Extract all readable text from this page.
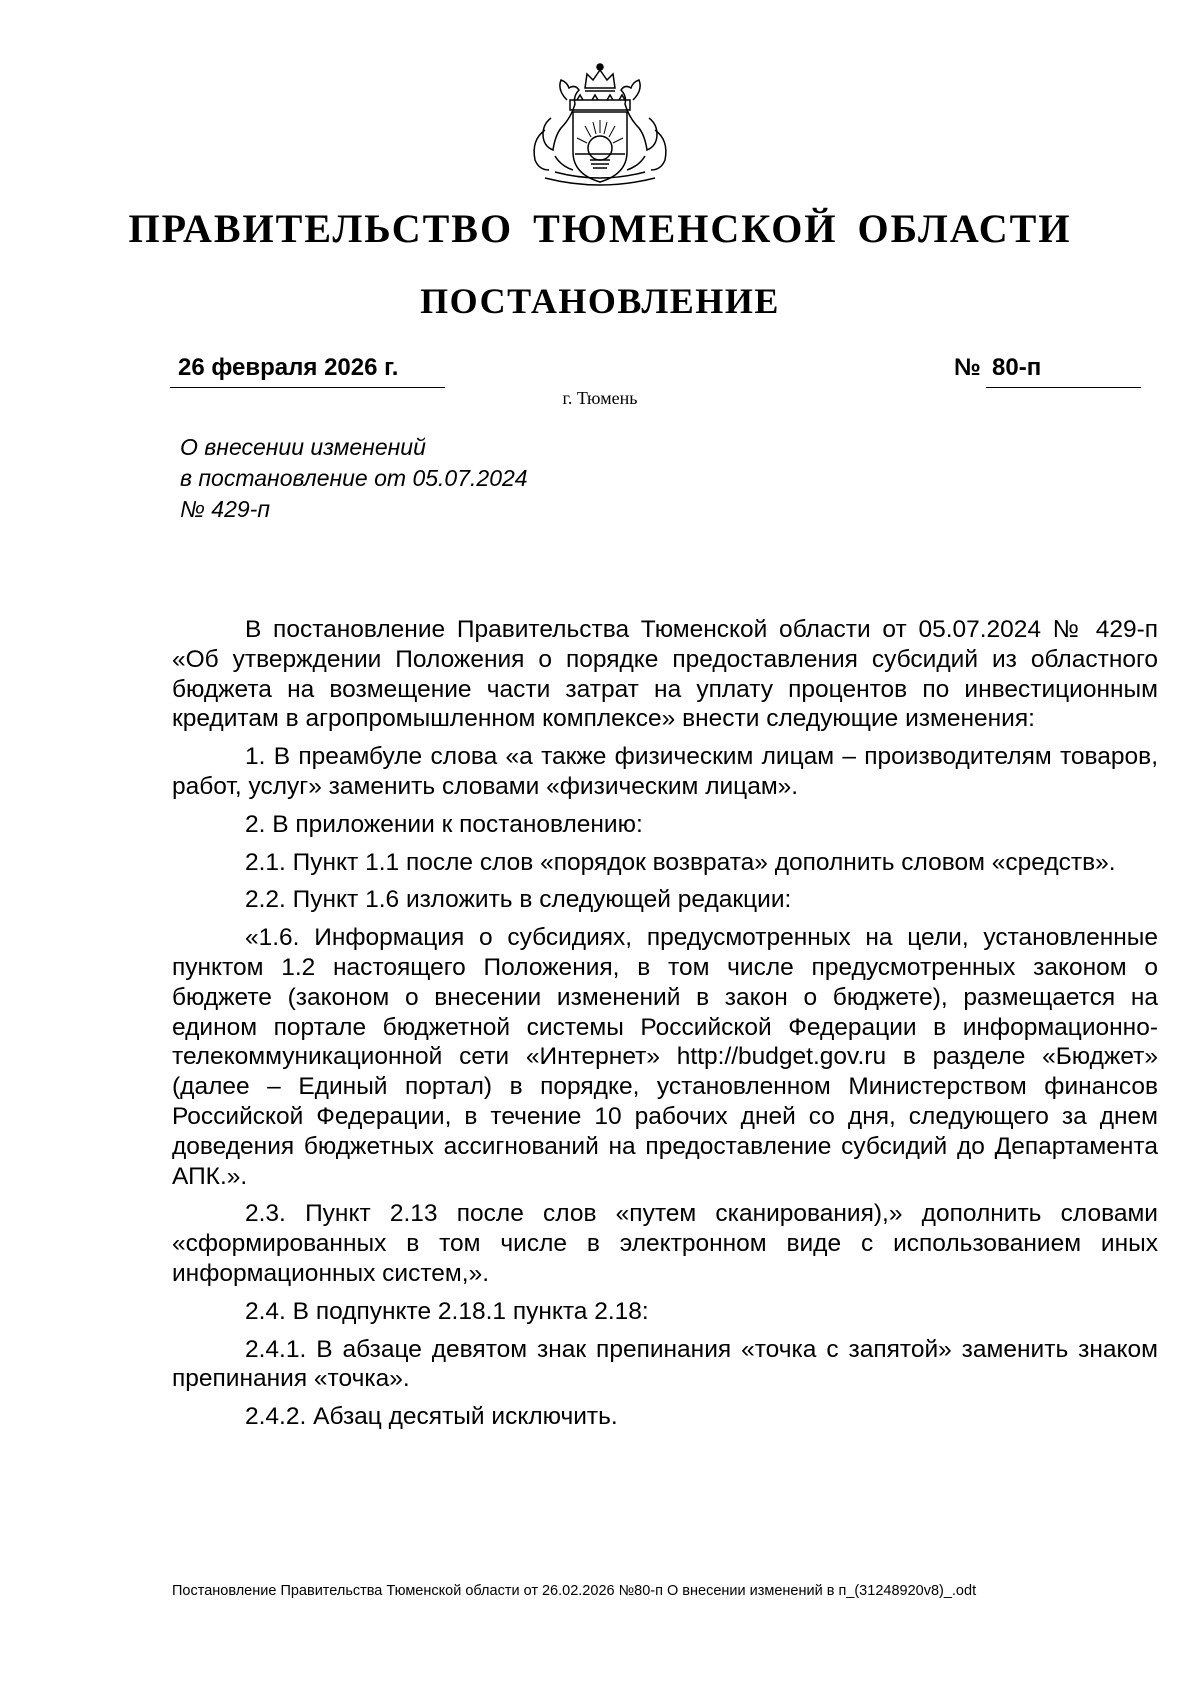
ПРАВИТЕЛЬСТВО ТЮМЕНСКОЙ ОБЛАСТИ
ПОСТАНОВЛЕНИЕ
26 февраля 2026 г.	№ 80-п
г. Тюмень
О внесении изменений
в постановление от 05.07.2024
№ 429-п

В постановление Правительства Тюменской области от 05.07.2024 № 429-п «Об утверждении Положения о порядке предоставления субсидий из областного бюджета на возмещение части затрат на уплату процентов по инвестиционным кредитам в агропромышленном комплексе» внести следующие изменения:

1. В преамбуле слова «а также физическим лицам – производителям товаров, работ, услуг» заменить словами «физическим лицам».

2. В приложении к постановлению:

2.1. Пункт 1.1 после слов «порядок возврата» дополнить словом «средств».

2.2. Пункт 1.6 изложить в следующей редакции:

«1.6. Информация о субсидиях, предусмотренных на цели, установленные пунктом 1.2 настоящего Положения, в том числе предусмотренных законом о бюджете (законом о внесении изменений в закон о бюджете), размещается на едином портале бюджетной системы Российской Федерации в информационно-телекоммуникационной сети «Интернет» http://budget.gov.ru в разделе «Бюджет» (далее – Единый портал) в порядке, установленном Министерством финансов Российской Федерации, в течение 10 рабочих дней со дня, следующего за днем доведения бюджетных ассигнований на предоставление субсидий до Департамента АПК.».

2.3. Пункт 2.13 после слов «путем сканирования),» дополнить словами «сформированных в том числе в электронном виде с использованием иных информационных систем,».

2.4. В подпункте 2.18.1 пункта 2.18:

2.4.1. В абзаце девятом знак препинания «точка с запятой» заменить знаком препинания «точка».

2.4.2. Абзац десятый исключить.

Постановление Правительства Тюменской области от 26.02.2026 №80-п О внесении изменений в п_(31248920v8)_.odt
